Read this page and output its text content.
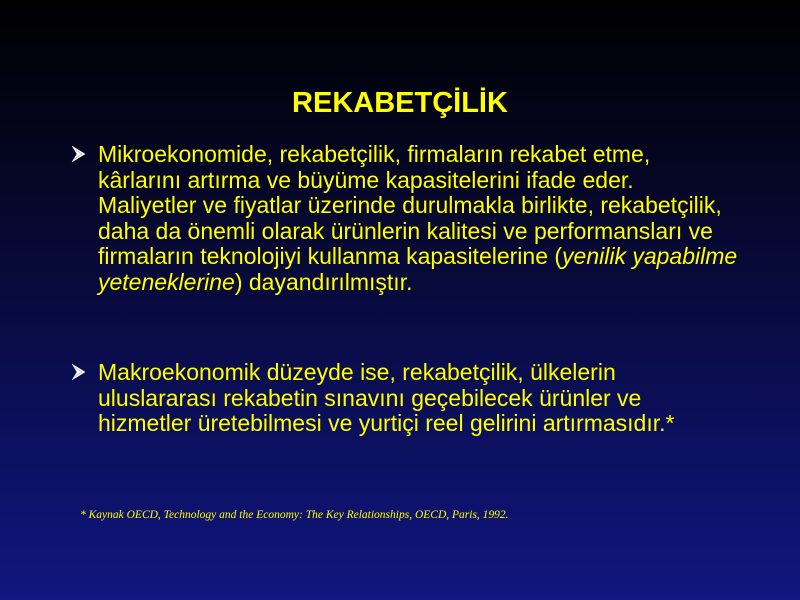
REKABETÇİLİK
Mikroekonomide, rekabetçilik, firmaların rekabet etme, kârlarını artırma ve büyüme kapasitelerini ifade eder. Maliyetler ve fiyatlar üzerinde durulmakla birlikte, rekabetçilik, daha da önemli olarak ürünlerin kalitesi ve performansları ve firmaların teknolojiyi kullanma kapasitelerine (yenilik yapabilme yeteneklerine) dayandırılmıştır.
Makroekonomik düzeyde ise, rekabetçilik, ülkelerin uluslararası rekabetin sınavını geçebilecek ürünler ve hizmetler üretebilmesi ve yurtiçi reel gelirini artırmasıdır.*
* Kaynak OECD, Technology and the Economy: The Key Relationships, OECD, Paris, 1992.
